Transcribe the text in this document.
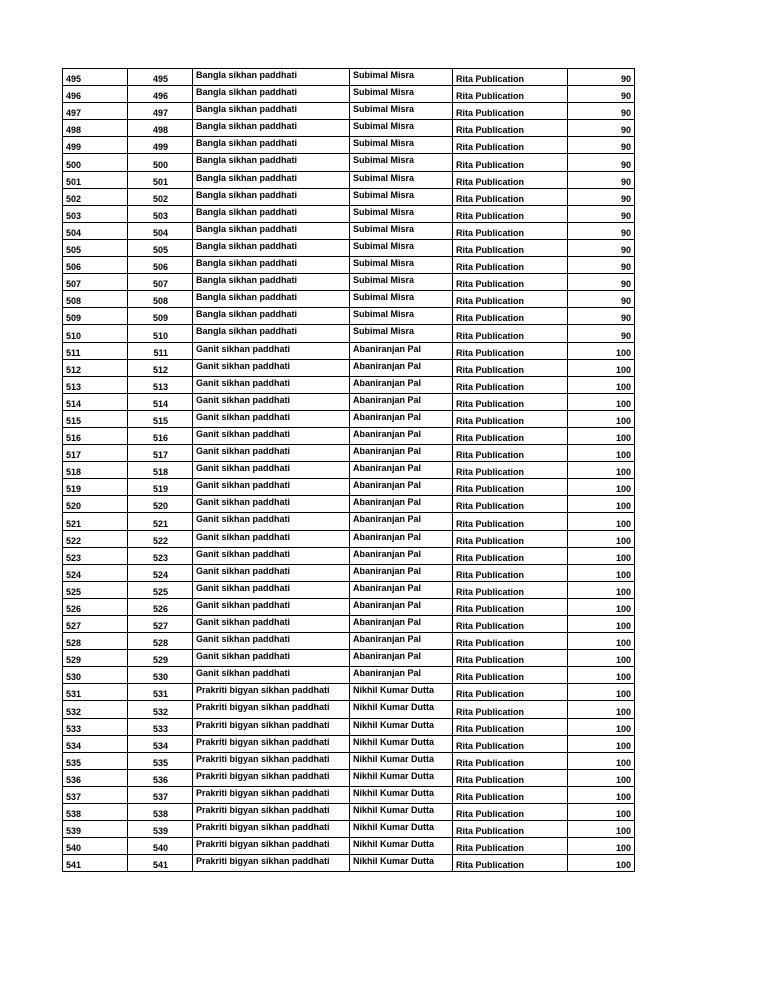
495	495	Bangla sikhan paddhati	Subimal Misra	Rita Publication	90
496	496	Bangla sikhan paddhati	Subimal Misra	Rita Publication	90
497	497	Bangla sikhan paddhati	Subimal Misra	Rita Publication	90
498	498	Bangla sikhan paddhati	Subimal Misra	Rita Publication	90
499	499	Bangla sikhan paddhati	Subimal Misra	Rita Publication	90
500	500	Bangla sikhan paddhati	Subimal Misra	Rita Publication	90
501	501	Bangla sikhan paddhati	Subimal Misra	Rita Publication	90
502	502	Bangla sikhan paddhati	Subimal Misra	Rita Publication	90
503	503	Bangla sikhan paddhati	Subimal Misra	Rita Publication	90
504	504	Bangla sikhan paddhati	Subimal Misra	Rita Publication	90
505	505	Bangla sikhan paddhati	Subimal Misra	Rita Publication	90
506	506	Bangla sikhan paddhati	Subimal Misra	Rita Publication	90
507	507	Bangla sikhan paddhati	Subimal Misra	Rita Publication	90
508	508	Bangla sikhan paddhati	Subimal Misra	Rita Publication	90
509	509	Bangla sikhan paddhati	Subimal Misra	Rita Publication	90
510	510	Bangla sikhan paddhati	Subimal Misra	Rita Publication	90
511	511	Ganit sikhan paddhati	Abaniranjan Pal	Rita Publication	100
512	512	Ganit sikhan paddhati	Abaniranjan Pal	Rita Publication	100
513	513	Ganit sikhan paddhati	Abaniranjan Pal	Rita Publication	100
514	514	Ganit sikhan paddhati	Abaniranjan Pal	Rita Publication	100
515	515	Ganit sikhan paddhati	Abaniranjan Pal	Rita Publication	100
516	516	Ganit sikhan paddhati	Abaniranjan Pal	Rita Publication	100
517	517	Ganit sikhan paddhati	Abaniranjan Pal	Rita Publication	100
518	518	Ganit sikhan paddhati	Abaniranjan Pal	Rita Publication	100
519	519	Ganit sikhan paddhati	Abaniranjan Pal	Rita Publication	100
520	520	Ganit sikhan paddhati	Abaniranjan Pal	Rita Publication	100
521	521	Ganit sikhan paddhati	Abaniranjan Pal	Rita Publication	100
522	522	Ganit sikhan paddhati	Abaniranjan Pal	Rita Publication	100
523	523	Ganit sikhan paddhati	Abaniranjan Pal	Rita Publication	100
524	524	Ganit sikhan paddhati	Abaniranjan Pal	Rita Publication	100
525	525	Ganit sikhan paddhati	Abaniranjan Pal	Rita Publication	100
526	526	Ganit sikhan paddhati	Abaniranjan Pal	Rita Publication	100
527	527	Ganit sikhan paddhati	Abaniranjan Pal	Rita Publication	100
528	528	Ganit sikhan paddhati	Abaniranjan Pal	Rita Publication	100
529	529	Ganit sikhan paddhati	Abaniranjan Pal	Rita Publication	100
530	530	Ganit sikhan paddhati	Abaniranjan Pal	Rita Publication	100
531	531	Prakriti bigyan sikhan paddhati	Nikhil Kumar Dutta	Rita Publication	100
532	532	Prakriti bigyan sikhan paddhati	Nikhil Kumar Dutta	Rita Publication	100
533	533	Prakriti bigyan sikhan paddhati	Nikhil Kumar Dutta	Rita Publication	100
534	534	Prakriti bigyan sikhan paddhati	Nikhil Kumar Dutta	Rita Publication	100
535	535	Prakriti bigyan sikhan paddhati	Nikhil Kumar Dutta	Rita Publication	100
536	536	Prakriti bigyan sikhan paddhati	Nikhil Kumar Dutta	Rita Publication	100
537	537	Prakriti bigyan sikhan paddhati	Nikhil Kumar Dutta	Rita Publication	100
538	538	Prakriti bigyan sikhan paddhati	Nikhil Kumar Dutta	Rita Publication	100
539	539	Prakriti bigyan sikhan paddhati	Nikhil Kumar Dutta	Rita Publication	100
540	540	Prakriti bigyan sikhan paddhati	Nikhil Kumar Dutta	Rita Publication	100
541	541	Prakriti bigyan sikhan paddhati	Nikhil Kumar Dutta	Rita Publication	100
